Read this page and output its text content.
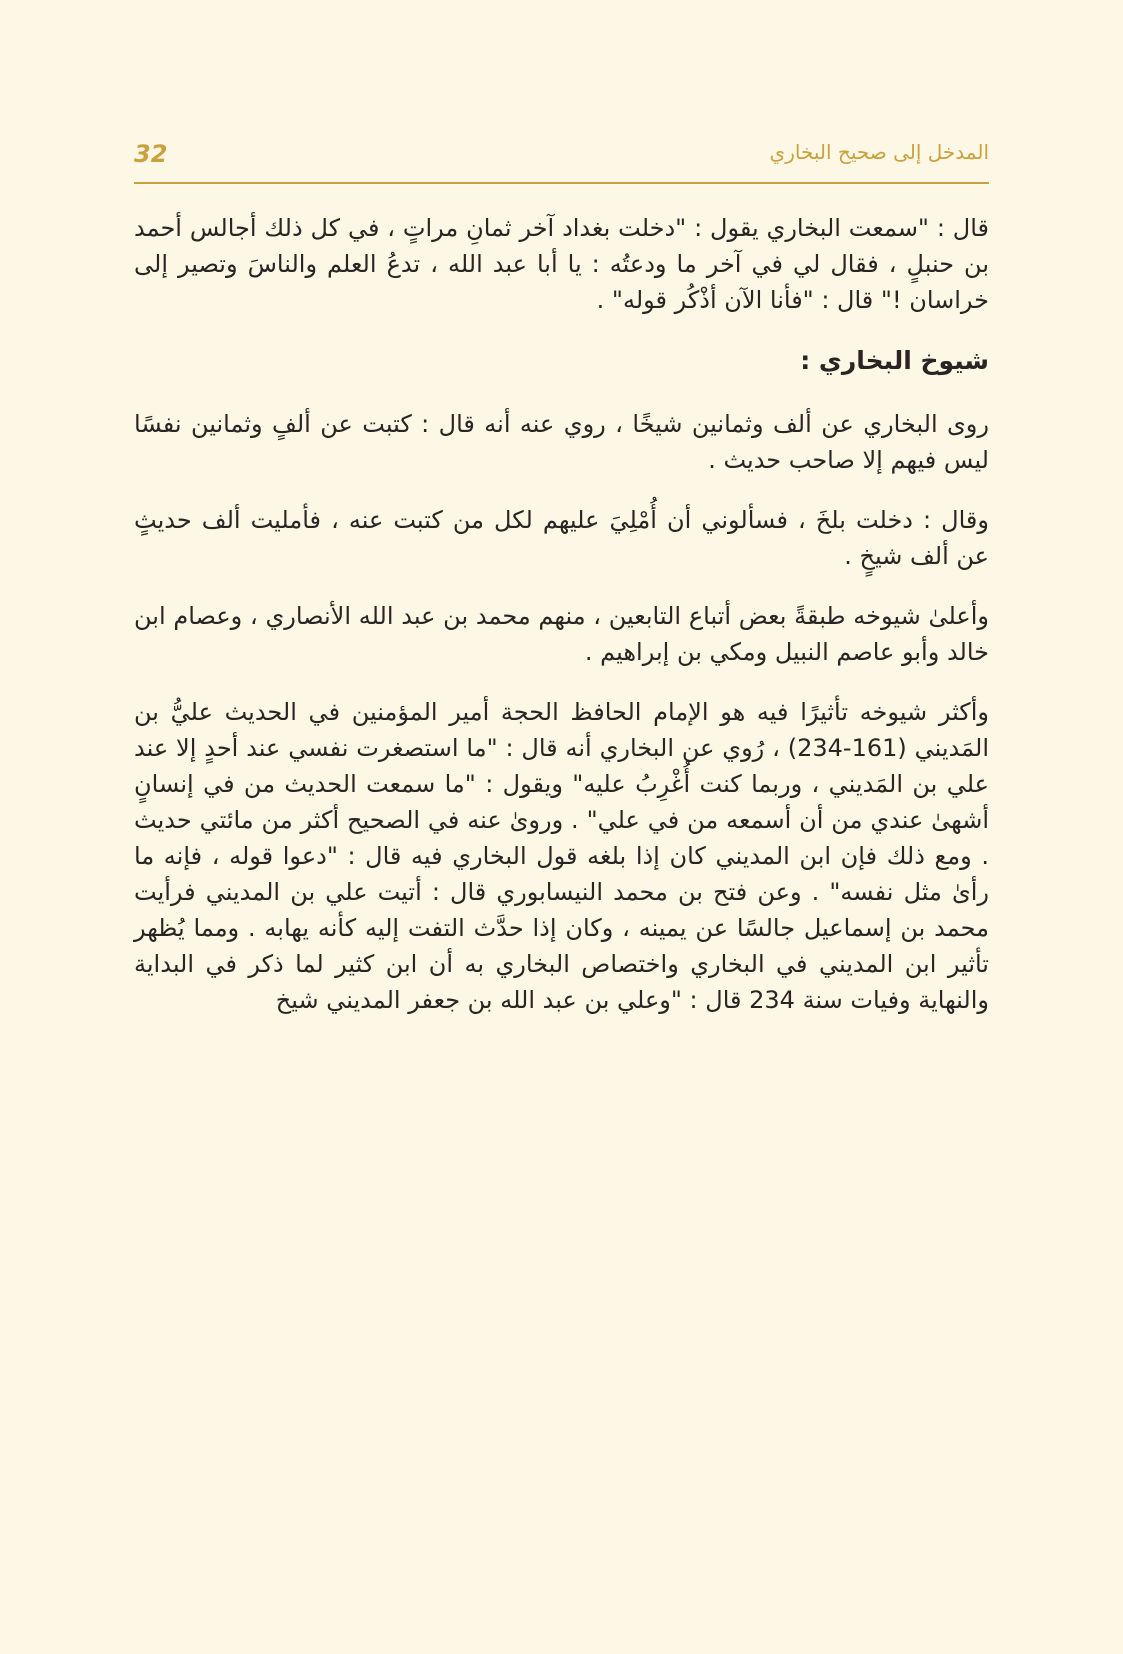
32	المدخل إلى صحيح البخاري

قال : "سمعت البخاري يقول : "دخلت بغداد آخر ثمانِ مراتٍ ، في كل ذلك أجالس أحمد بن حنبلٍ ، فقال لي في آخر ما ودعتُه : يا أبا عبد الله ، تدعُ العلم والناسَ وتصير إلى خراسان !" قال : "فأنا الآن أذْكُر قوله" .

شيوخ البخاري :

روى البخاري عن ألف وثمانين شيخًا ، روي عنه أنه قال : كتبت عن ألفٍ وثمانين نفسًا ليس فيهم إلا صاحب حديث .

وقال : دخلت بلخَ ، فسألوني أن أُمْلِيَ عليهم لكل من كتبت عنه ، فأمليت ألف حديثٍ عن ألف شيخٍ .

وأعلىٰ شيوخه طبقةً بعض أتباع التابعين ، منهم محمد بن عبد الله الأنصاري ، وعصام ابن خالد وأبو عاصم النبيل ومكي بن إبراهيم .

وأكثر شيوخه تأثيرًا فيه هو الإمام الحافظ الحجة أمير المؤمنين في الحديث عليُّ بن المَديني (161-234) ، رُوي عن البخاري أنه قال : "ما استصغرت نفسي عند أحدٍ إلا عند علي بن المَديني ، وربما كنت أُغْرِبُ عليه" ويقول : "ما سمعت الحديث من في إنسانٍ أشهىٰ عندي من أن أسمعه من في علي" . وروىٰ عنه في الصحيح أكثر من مائتي حديث . ومع ذلك فإن ابن المديني كان إذا بلغه قول البخاري فيه قال : "دعوا قوله ، فإنه ما رأىٰ مثل نفسه" . وعن فتح بن محمد النيسابوري قال : أتيت علي بن المديني فرأيت محمد بن إسماعيل جالسًا عن يمينه ، وكان إذا حدَّث التفت إليه كأنه يهابه . ومما يُظهر تأثير ابن المديني في البخاري واختصاص البخاري به أن ابن كثير لما ذكر في البداية والنهاية وفيات سنة 234 قال : "وعلي بن عبد الله بن جعفر المديني شيخ
